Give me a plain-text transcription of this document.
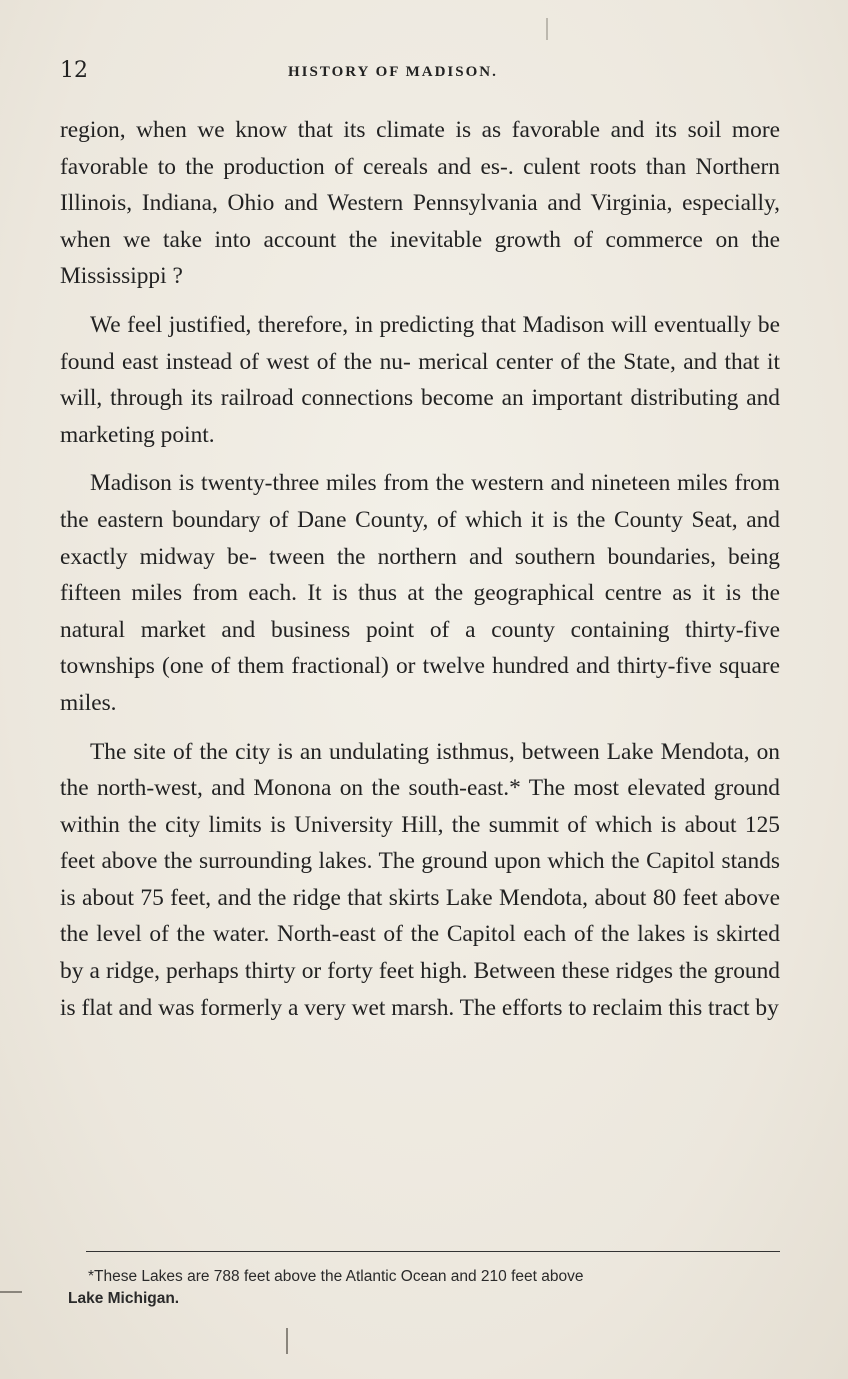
12	HISTORY OF MADISON.

region, when we know that its climate is as favorable and its soil more favorable to the production of cereals and es-. culent roots than Northern Illinois, Indiana, Ohio and Western Pennsylvania and Virginia, especially, when we take into account the inevitable growth of commerce on the Mississippi ?

We feel justified, therefore, in predicting that Madison will eventually be found east instead of west of the nu- merical center of the State, and that it will, through its railroad connections become an important distributing and marketing point.

Madison is twenty-three miles from the western and nineteen miles from the eastern boundary of Dane County, of which it is the County Seat, and exactly midway be- tween the northern and southern boundaries, being fifteen miles from each. It is thus at the geographical centre as it is the natural market and business point of a county containing thirty-five townships (one of them fractional) or twelve hundred and thirty-five square miles.

The site of the city is an undulating isthmus, between Lake Mendota, on the north-west, and Monona on the south-east.* The most elevated ground within the city limits is University Hill, the summit of which is about 125 feet above the surrounding lakes. The ground upon which the Capitol stands is about 75 feet, and the ridge that skirts Lake Mendota, about 80 feet above the level of the water. North-east of the Capitol each of the lakes is skirted by a ridge, perhaps thirty or forty feet high. Between these ridges the ground is flat and was formerly a very wet marsh. The efforts to reclaim this tract by

*These Lakes are 788 feet above the Atlantic Ocean and 210 feet above
Lake Michigan.
